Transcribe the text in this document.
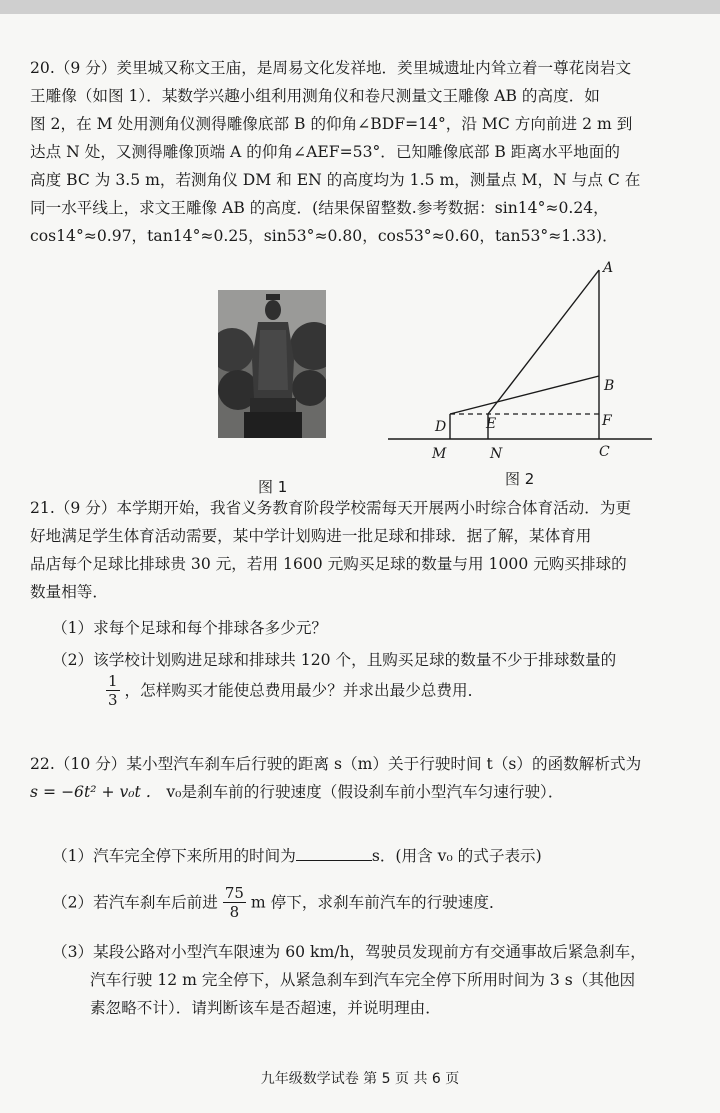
20.（9 分）羑里城又称文王庙，是周易文化发祥地．羑里城遗址内耸立着一尊花岗岩文

王雕像（如图 1）．某数学兴趣小组利用测角仪和卷尺测量文王雕像 AB 的高度．如

图 2，在 M 处用测角仪测得雕像底部 B 的仰角∠BDF=14°，沿 MC 方向前进 2 m 到

达点 N 处，又测得雕像顶端 A 的仰角∠AEF=53°．已知雕像底部 B 距离水平地面的

高度 BC 为 3.5 m，若测角仪 DM 和 EN 的高度均为 1.5 m，测量点 M，N 与点 C 在

同一水平线上，求文王雕像 AB 的高度．(结果保留整数.参考数据：sin14°≈0.24，

cos14°≈0.97，tan14°≈0.25，sin53°≈0.80，cos53°≈0.60，tan53°≈1.33)．

图 1
A
B
F
C
D	E
M	N
图 2

21.（9 分）本学期开始，我省义务教育阶段学校需每天开展两小时综合体育活动．为更

好地满足学生体育活动需要，某中学计划购进一批足球和排球．据了解，某体育用

品店每个足球比排球贵 30 元，若用 1600 元购买足球的数量与用 1000 元购买排球的

数量相等．

（1）求每个足球和每个排球各多少元？
（2）该学校计划购进足球和排球共 120 个，且购买足球的数量不少于排球数量的
$\frac{1}{3}$ ，怎样购买才能使总费用最少？并求出最少总费用．

22.（10 分）某小型汽车刹车后行驶的距离 s（m）关于行驶时间 t（s）的函数解析式为

s = −6t² + v₀t ． v₀是刹车前的行驶速度（假设刹车前小型汽车匀速行驶）．

（1）汽车完全停下来所用的时间为	s．(用含 v₀ 的式子表示)
（2）若汽车刹车后前进 $\frac{75}{8}$ m 停下，求刹车前汽车的行驶速度．

（3）某段公路对小型汽车限速为 60 km/h，驾驶员发现前方有交通事故后紧急刹车，

汽车行驶 12 m 完全停下，从紧急刹车到汽车完全停下所用时间为 3 s（其他因

素忽略不计）．请判断该车是否超速，并说明理由．

九年级数学试卷 第 5 页 共 6 页
